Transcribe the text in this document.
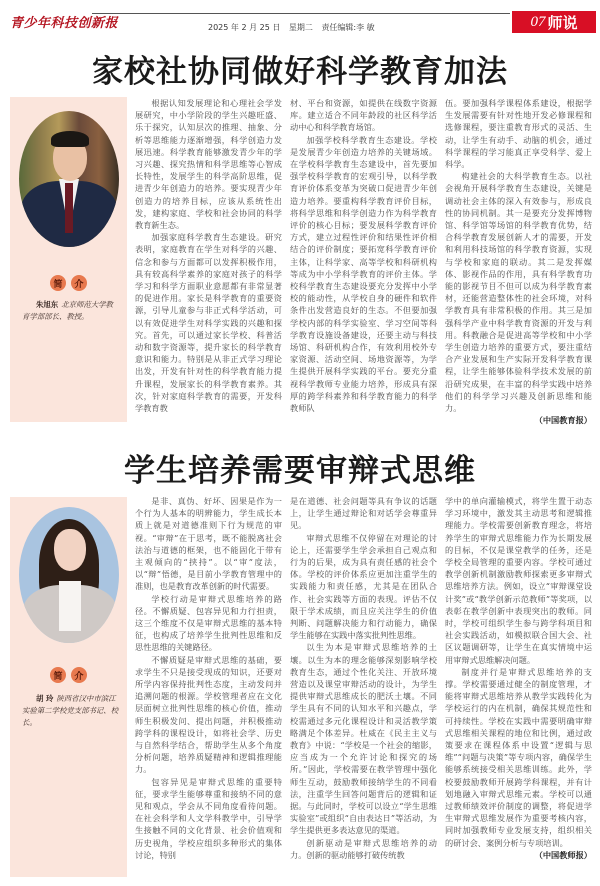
青少年科技创新报	2025 年 2 月 25 日 星期二 责任编辑:李 敏	07 师说
家校社协同做好科学教育加法
简	介
朱旭东 北京师范大学教育学部部长、教授。

根据认知发展理论和心理社会学发展研究，中小学阶段的学生兴趣旺盛、乐于探究，认知层次的推理、抽象、分析等思维能力逐渐增强，科学创造力发展迅速。科学教育能够激发青少年的学习兴趣、探究热情和科学思维等心智成长特性，发展学生的科学高阶思维，促进青少年创造力的培养。要实现青少年创造力的培养目标，应该从系统性出发，建构家庭、学校和社会协同的科学教育新生态。

加强家庭科学教育生态建设。研究表明，家庭教育在学生对科学的兴趣、信念和参与方面都可以发挥积极作用，具有较高科学素养的家庭对孩子的科学学习和科学方面职业意愿都有非常显著的促进作用。家长是科学教育的重要资源，引导儿童参与非正式科学活动，可以有效促进学生对科学实践的兴趣和探究。首先，可以通过家长学校、科普活动和数字资源等，提升家长的科学教育意识和能力。特别是从非正式学习理论出发，开发有针对性的科学教育能力提升课程，发展家长的科学教育素养。其次，针对家庭科学教育的需要，开发科学教育教

材、平台和资源，如提供在线数字资源库。建立适合不同年龄段的社区科学活动中心和科学教育场馆。

加强学校科学教育生态建设。学校是发展青少年创造力培养的关键场域。在学校科学教育生态建设中，首先要加强学校科学教育的宏观引导，以科学教育评价体系变革为突破口促进青少年创造力培养。要重构科学教育评价目标，将科学思维和科学创造力作为科学教育评价的核心目标；要发展科学教育评价方式，建立过程性评价和结果性评价相结合的评价制度；要拓宽科学教育评价主体，让科学家、高等学校和科研机构等成为中小学科学教育的评价主体。学校科学教育生态建设要充分发挥中小学校的能动性，从学校自身的硬件和软件条件出发营造良好的生态。不但要加强学校内部的科学实验室、学习空间等科学教育设施设备建设，还要主动与科技场馆、科研机构合作，有效利用校外专家资源、活动空间、场地资源等，为学生提供开展科学实践的平台。要充分重视科学教师专业能力培养，形成具有深厚的跨学科素养和科学教育能力的科学教师队

伍。要加强科学课程体系建设，根据学生发展需要有针对性地开发必修课程和选修课程，要注重教育形式的灵活、生动，让学生有动手、动脑的机会，通过科学课程的学习能真正享受科学、爱上科学。

构建社会的大科学教育生态。以社会视角开展科学教育生态建设，关键是调动社会主体的深入有效参与，形成良性的协同机制。其一是要充分发挥博物馆、科学馆等场馆的科学教育优势，结合科学教育发展创新人才的需要，开发和利用科技场馆的科学教育资源，实现与学校和家庭的联动。其二是发挥媒体、影视作品的作用，具有科学教育功能的影视节目不但可以成为科学教育素材，还能营造整体性的社会环境，对科学教育具有非常积极的作用。其三是加强科学产业中科学教育资源的开发与利用。科教融合是促进高等学校和中小学学生创造力培养的重要方式，要注重结合产业发展和生产实际开发科学教育课程，让学生能够体验科学技术发展的前沿研究成果，在丰富的科学实践中培养他们的科学学习兴趣及创新思维和能力。

（中国教育报）
学生培养需要审辩式思维
简	介
胡 玲 陕西省汉中市滨江实验第二学校党支部书记、校长。

是非、真伪、好坏、因果是作为一个行为人基本的明辨能力，学生成长本质上就是对道德准则下行为规范的审视。“审辩”在于思考，既不能脱离社会法治与道德的框架，也不能固化于带有主观倾向的“挟持”。以“审”度法，以“辩”悟德，是目前小学教育管理中的准则，也是教育改革创新的时代需要。

学校行动是审辩式思维培养的路径。不懈质疑、包容异见和力行担责，这三个维度不仅是审辩式思维的基本特征，也构成了培养学生批判性思维和反思性思维的关键路径。

不懈质疑是审辩式思维的基础，要求学生不只是接受现成的知识，还要对所学内容保持批判性态度，主动发问并追溯问题的根源。学校管理者应在文化层面树立批判性思维的核心价值，推动师生积极发问、提出问题，并积极推动跨学科的课程设计，如将社会学、历史与自然科学结合，帮助学生从多个角度分析问题，培养质疑精神和逻辑推理能力。

包容异见是审辩式思维的重要特征，要求学生能够尊重和接纳不同的意见和观点，学会从不同角度看待问题。在社会科学和人文学科教学中，引导学生接触不同的文化背景、社会价值观和历史视角，学校应组织多种形式的集体讨论，特别

是在道德、社会问题等具有争议的话题上，让学生通过辩论和对话学会尊重异见。

审辩式思维不仅停留在对理论的讨论上，还需要学生学会承担自己观点和行为的后果，成为具有责任感的社会个体。学校的评价体系应更加注重学生的实践能力和责任感，尤其是在团队合作、社会实践等方面的表现。评估不仅限于学术成绩，而且应关注学生的价值判断、问题解决能力和行动能力，确保学生能够在实践中落实批判性思维。

以生为本是审辩式思维培养的土壤。以生为本的理念能够深刻影响学校教育生态，通过个性化关注、开放环境营造以及课堂审辩活动的设计，为学生提供审辩式思维成长的肥沃土壤。不同学生具有不同的认知水平和兴趣点，学校需通过多元化课程设计和灵活教学策略满足个体差异。杜威在《民主主义与教育》中说：“学校是一个社会的缩影，应当成为一个允许讨论和探究的场所。”因此，学校需要在教学管理中强化师生互动，鼓励教师接纳学生的不同看法，注重学生回答问题背后的逻辑和证据。与此同时，学校可以设立“学生思维实验室”或组织“自由表达日”等活动，为学生提供更多表达意见的渠道。

创新驱动是审辩式思维培养的动力。创新的驱动能够打破传统教

学中的单向灌输模式，将学生置于动态学习环境中，激发其主动思考和逻辑推理能力。学校需要创新教育理念，将培养学生的审辩式思维能力作为长期发展的目标，不仅是课堂教学的任务，还是学校全局管理的重要内容。学校可通过教学创新机制激励教师探索更多审辩式思维培养方法。例如，设立“审辩课堂设计奖”或“教学创新示范教师”等奖项，以表彰在教学创新中表现突出的教师。同时，学校可组织学生参与跨学科项目和社会实践活动，如模拟联合国大会、社区议题调研等，让学生在真实情境中运用审辩式思维解决问题。

制度并行是审辩式思维培养的支撑。学校需要通过健全的制度管理，才能将审辩式思维培养从教学实践转化为学校运行的内在机制，确保其规范性和可持续性。学校在实践中需要明确审辩式思维相关课程的地位和比例，通过政策要求在课程体系中设置“逻辑与思维”“问题与决策”等专项内容，确保学生能够系统接受相关思维训练。此外，学校要鼓励教师开展跨学科课程，并有计划地融入审辩式思维元素。学校可以通过教师绩效评价制度的调整，将促进学生审辩式思维发展作为重要考核内容，同时加强教师专业发展支持，组织相关的研讨会、案例分析与专项培训。

（中国教师报）
